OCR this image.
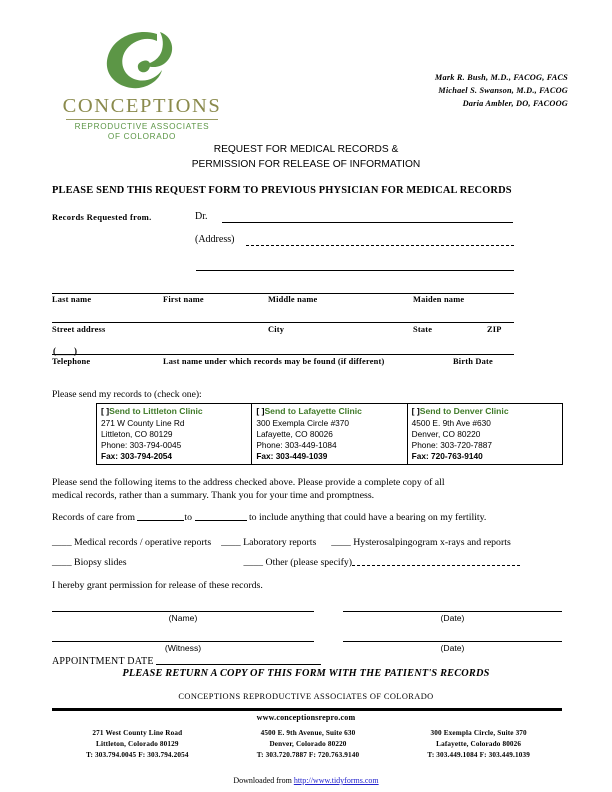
CONCEPTIONS
REPRODUCTIVE ASSOCIATES
OF COLORADO
Mark R. Bush, M.D., FACOG, FACS
Michael S. Swanson, M.D., FACOG
Daria Ambler, DO, FACOOG
REQUEST FOR MEDICAL RECORDS &
PERMISSION FOR RELEASE OF INFORMATION
PLEASE SEND THIS REQUEST FORM TO PREVIOUS PHYSICIAN FOR MEDICAL RECORDS
Records Requested from.	Dr.
(Address)
Last name	First name	Middle name	Maiden name
Street address	City	State	ZIP
(____)
Telephone	Last name under which records may be found (if different)	Birth Date
Please send my records to (check one):
[ ]Send to Littleton Clinic
271 W County Line Rd
Littleton, CO 80129
Phone: 303-794-0045
Fax: 303-794-2054
[ ]Send to Lafayette Clinic
300 Exempla Circle #370
Lafayette, CO 80026
Phone: 303-449-1084
Fax: 303-449-1039
[ ]Send to Denver Clinic
4500 E. 9th Ave #630
Denver, CO 80220
Phone: 303-720-7887
Fax: 720-763-9140
Please send the following items to the address checked above. Please provide a complete copy of all
medical records, rather than a summary. Thank you for your time and promptness.
Records of care from	to	to include anything that could have a bearing on my fertility.
____ Medical records / operative reports ____ Laboratory reports ____ Hysterosalpingogram x-rays and reports
____ Biopsy slides	____ Other (please specify)
I hereby grant permission for release of these records.
(Name)	(Date)
(Witness)	(Date)
APPOINTMENT DATE
PLEASE RETURN A COPY OF THIS FORM WITH THE PATIENT'S RECORDS
CONCEPTIONS REPRODUCTIVE ASSOCIATES OF COLORADO
www.conceptionsrepro.com
271 West County Line Road
Littleton, Colorado 80129
T: 303.794.0045 F: 303.794.2054
4500 E. 9th Avenue, Suite 630
Denver, Colorado 80220
T: 303.720.7887 F: 720.763.9140
300 Exempla Circle, Suite 370
Lafayette, Colorado 80026
T: 303.449.1084 F: 303.449.1039
Downloaded from http://www.tidyforms.com
